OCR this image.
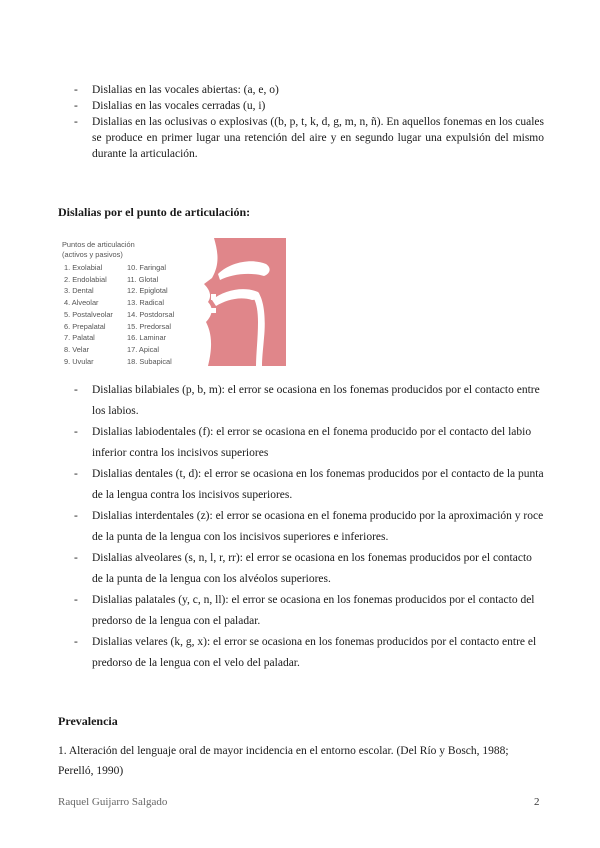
- Dislalias en las vocales abiertas: (a, e, o)
- Dislalias en las vocales cerradas (u, i)
- Dislalias en las oclusivas o explosivas ((b, p, t, k, d, g, m, n, ñ). En aquellos fonemas en los cuales se produce en primer lugar una retención del aire y en segundo lugar una expulsión del mismo durante la articulación.
Dislalias por el punto de articulación:
Puntos de articulación
(activos y pasivos)
1. Exolabial
2. Endolabial
3. Dental
4. Alveolar
5. Postalveolar
6. Prepalatal
7. Palatal
8. Velar
9. Uvular
10. Faringal
11. Glotal
12. Epiglotal
13. Radical
14. Postdorsal
15. Predorsal
16. Laminar
17. Apical
18. Subapical
- Dislalias bilabiales (p, b, m): el error se ocasiona en los fonemas producidos por el contacto entre los labios.
- Dislalias labiodentales (f): el error se ocasiona en el fonema producido por el contacto del labio inferior contra los incisivos superiores
- Dislalias dentales (t, d): el error se ocasiona en los fonemas producidos por el contacto de la punta de la lengua contra los incisivos superiores.
- Dislalias interdentales (z): el error se ocasiona en el fonema producido por la aproximación y roce de la punta de la lengua con los incisivos superiores e inferiores.
- Dislalias alveolares (s, n, l, r, rr): el error se ocasiona en los fonemas producidos por el contacto de la punta de la lengua con los alvéolos superiores.
- Dislalias palatales (y, c, n, ll): el error se ocasiona en los fonemas producidos por el contacto del predorso de la lengua con el paladar.
- Dislalias velares (k, g, x): el error se ocasiona en los fonemas producidos por el contacto entre el predorso de la lengua con el velo del paladar.
Prevalencia
1. Alteración del lenguaje oral de mayor incidencia en el entorno escolar. (Del Río y Bosch, 1988; Perelló, 1990)
Raquel Guijarro Salgado	2
